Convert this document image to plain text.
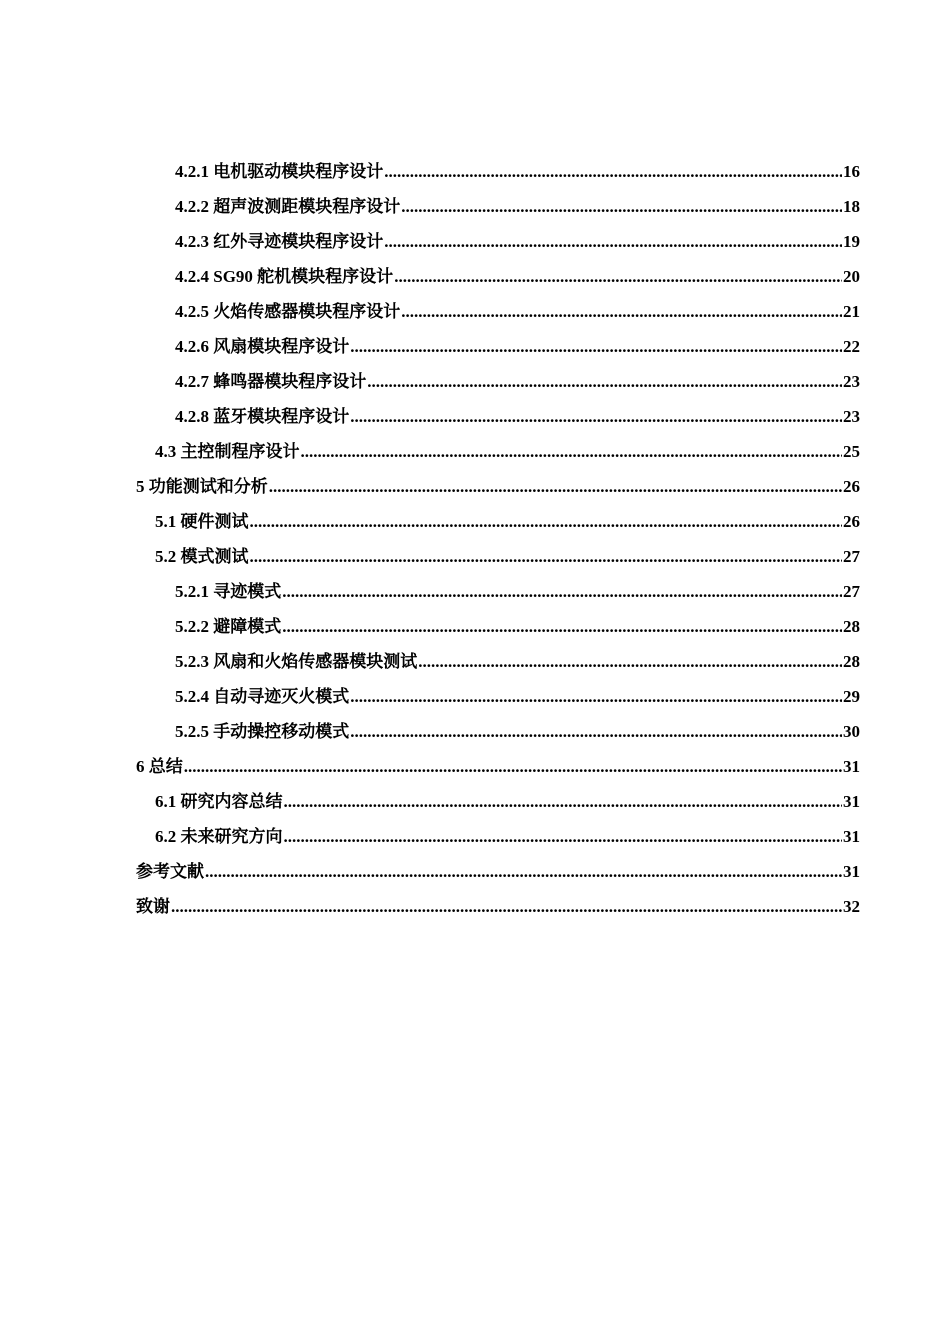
4.2.1 电机驱动模块程序设计 .....	16
4.2.2 超声波测距模块程序设计 .....	18
4.2.3 红外寻迹模块程序设计 .....	19
4.2.4 SG90 舵机模块程序设计 .....	20
4.2.5 火焰传感器模块程序设计 .....	21
4.2.6 风扇模块程序设计 .....	22
4.2.7 蜂鸣器模块程序设计 .....	23
4.2.8 蓝牙模块程序设计 .....	23
4.3 主控制程序设计 .....	25
5 功能测试和分析 .....	26
5.1 硬件测试 .....	26
5.2 模式测试 .....	27
5.2.1 寻迹模式 .....	27
5.2.2 避障模式 .....	28
5.2.3 风扇和火焰传感器模块测试 .....	28
5.2.4 自动寻迹灭火模式 .....	29
5.2.5 手动操控移动模式 .....	30
6 总结 .....	31
6.1 研究内容总结 .....	31
6.2 未来研究方向 .....	31
参考文献 .....	31
致谢 .....	32
